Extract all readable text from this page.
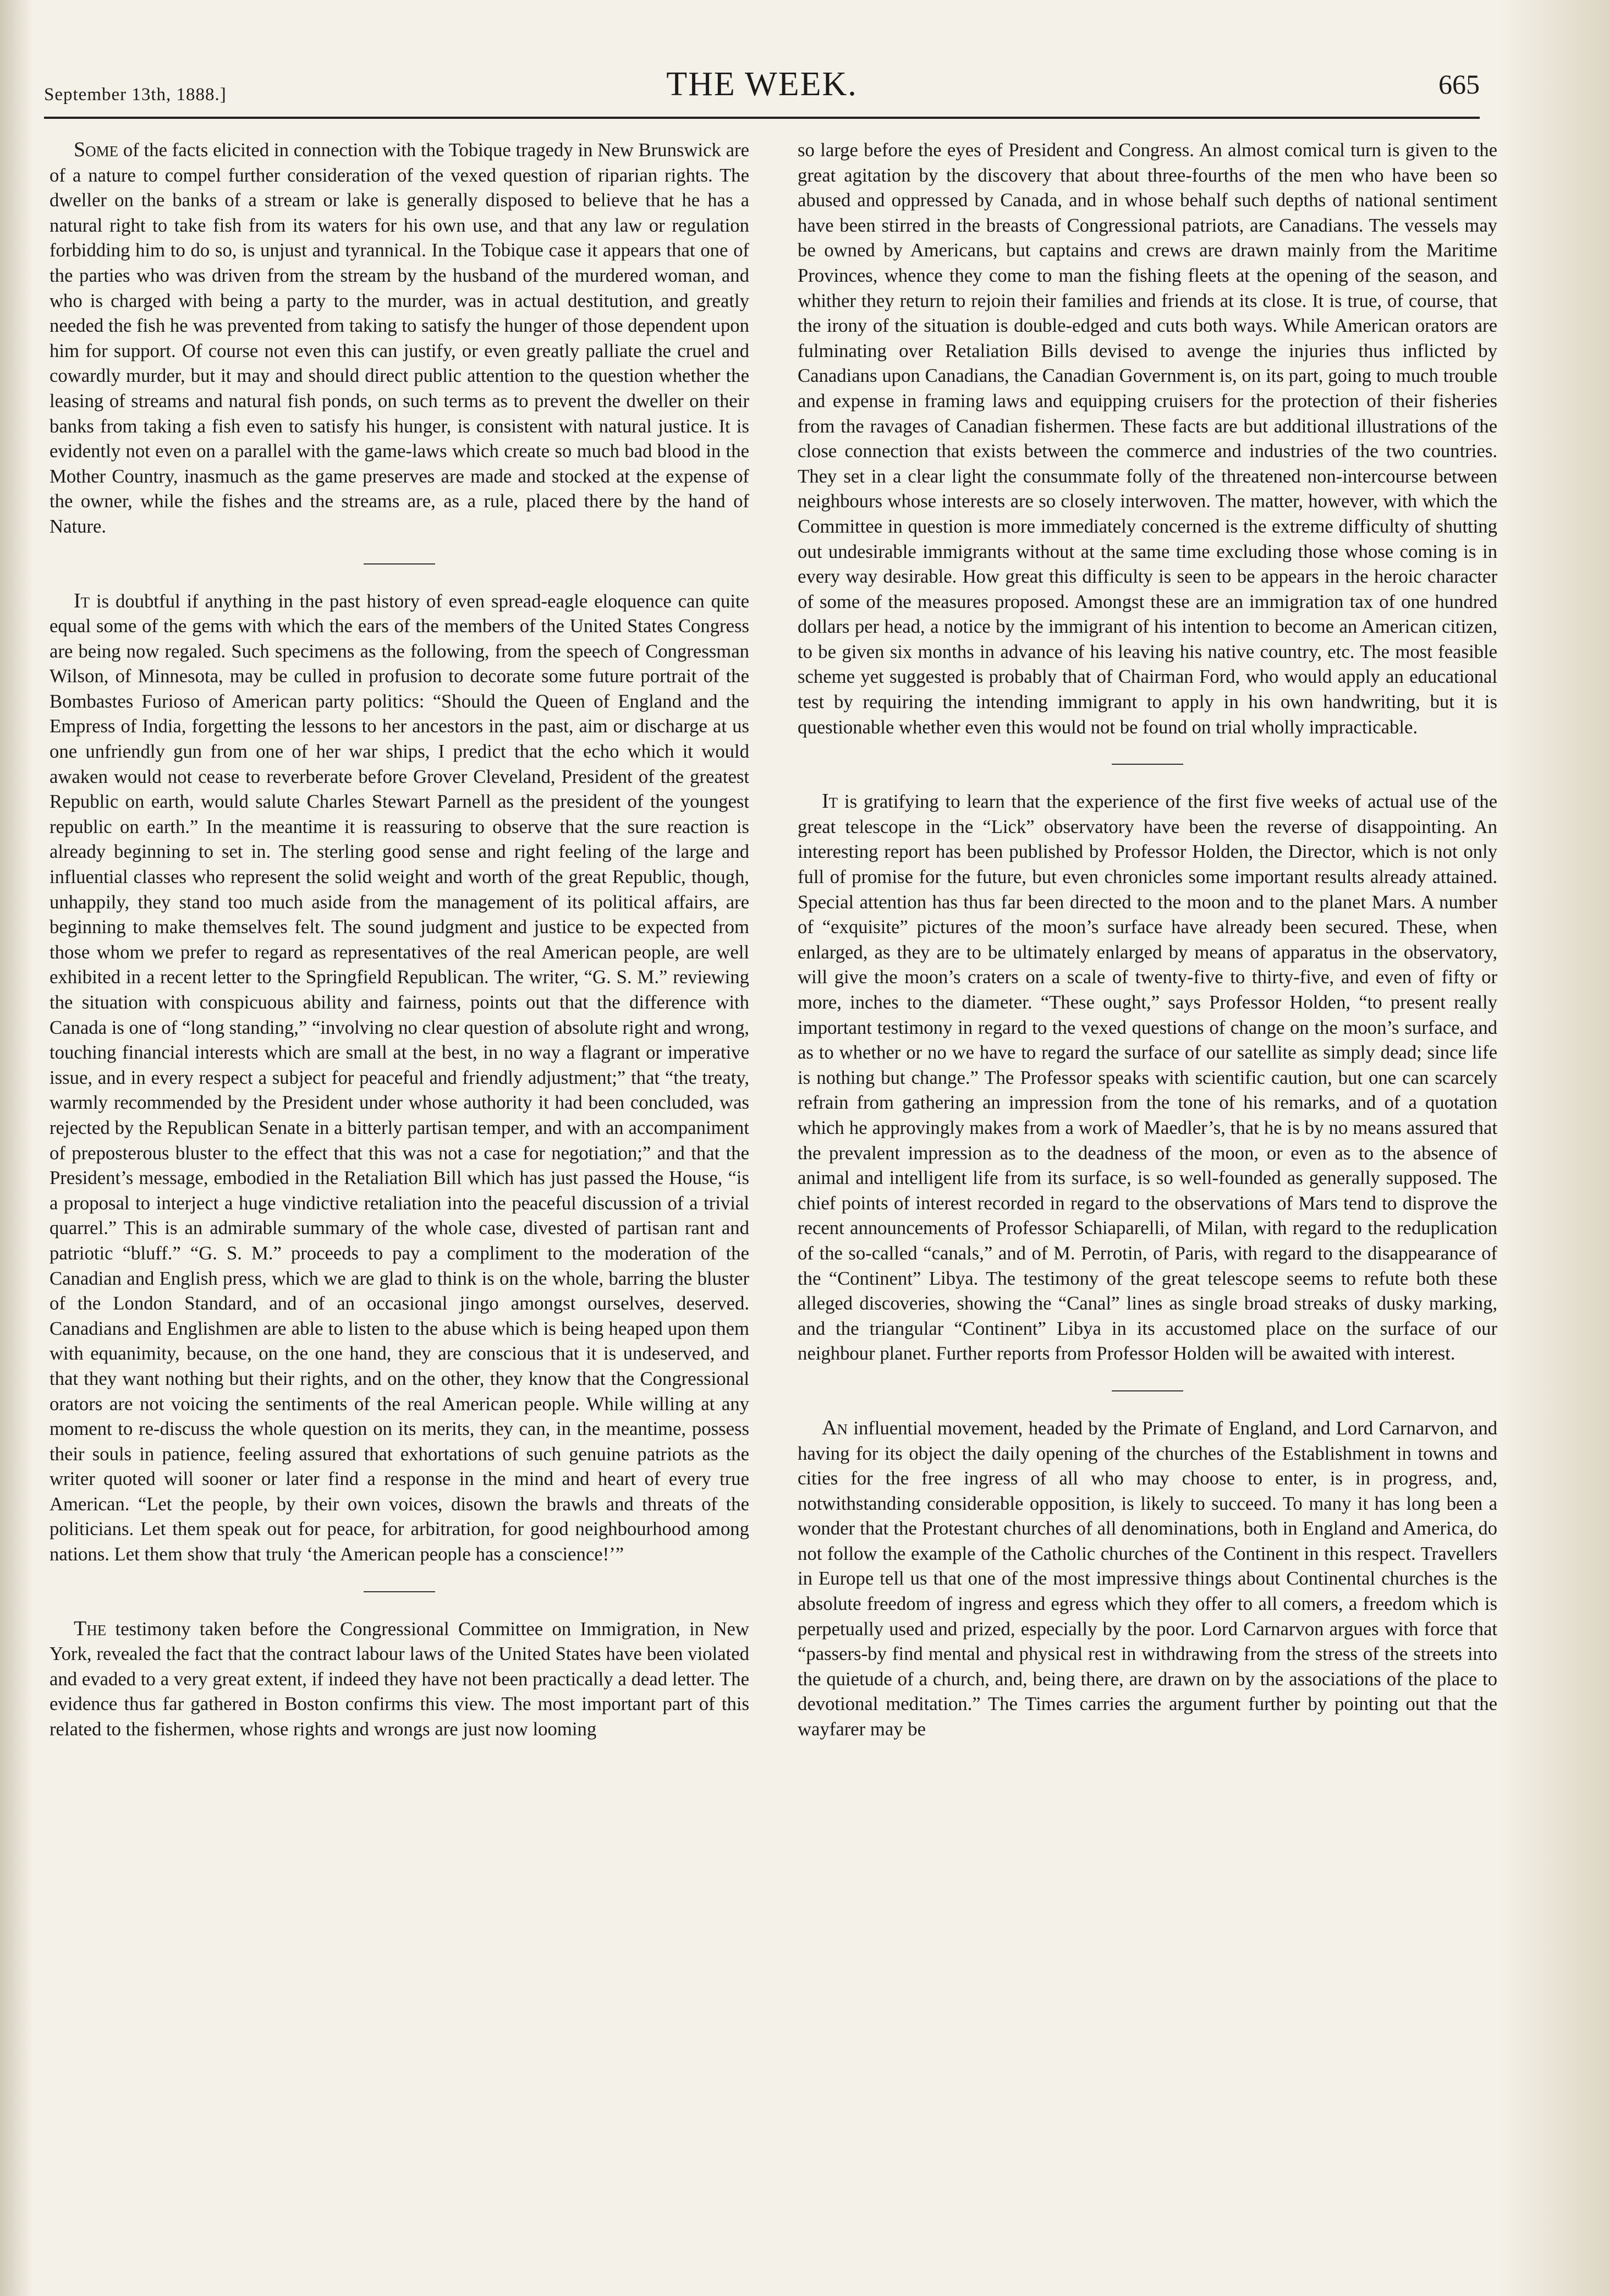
September 13th, 1888.]	THE WEEK.	665

Some of the facts elicited in connection with the Tobique tragedy in New Brunswick are of a nature to compel further consideration of the vexed question of riparian rights. The dweller on the banks of a stream or lake is generally disposed to believe that he has a natural right to take fish from its waters for his own use, and that any law or regulation forbidding him to do so, is unjust and tyrannical. In the Tobique case it appears that one of the parties who was driven from the stream by the husband of the murdered woman, and who is charged with being a party to the murder, was in actual destitution, and greatly needed the fish he was prevented from taking to satisfy the hunger of those dependent upon him for support. Of course not even this can justify, or even greatly palliate the cruel and cowardly murder, but it may and should direct public attention to the question whether the leasing of streams and natural fish ponds, on such terms as to prevent the dweller on their banks from taking a fish even to satisfy his hunger, is consistent with natural justice. It is evidently not even on a parallel with the game-laws which create so much bad blood in the Mother Country, inasmuch as the game preserves are made and stocked at the expense of the owner, while the fishes and the streams are, as a rule, placed there by the hand of Nature.

It is doubtful if anything in the past history of even spread-eagle eloquence can quite equal some of the gems with which the ears of the members of the United States Congress are being now regaled. Such specimens as the following, from the speech of Congressman Wilson, of Minnesota, may be culled in profusion to decorate some future portrait of the Bombastes Furioso of American party politics: “Should the Queen of England and the Empress of India, forgetting the lessons to her ancestors in the past, aim or discharge at us one unfriendly gun from one of her war ships, I predict that the echo which it would awaken would not cease to reverberate before Grover Cleveland, President of the greatest Republic on earth, would salute Charles Stewart Parnell as the president of the youngest republic on earth.” In the meantime it is reassuring to observe that the sure reaction is already beginning to set in. The sterling good sense and right feeling of the large and influential classes who represent the solid weight and worth of the great Republic, though, unhappily, they stand too much aside from the management of its political affairs, are beginning to make themselves felt. The sound judgment and justice to be expected from those whom we prefer to regard as representatives of the real American people, are well exhibited in a recent letter to the Springfield Republican. The writer, “G. S. M.” reviewing the situation with conspicuous ability and fairness, points out that the difference with Canada is one of “long standing,” “involving no clear question of absolute right and wrong, touching financial interests which are small at the best, in no way a flagrant or imperative issue, and in every respect a subject for peaceful and friendly adjustment;” that “the treaty, warmly recommended by the President under whose authority it had been concluded, was rejected by the Republican Senate in a bitterly partisan temper, and with an accompaniment of preposterous bluster to the effect that this was not a case for negotiation;” and that the President’s message, embodied in the Retaliation Bill which has just passed the House, “is a proposal to interject a huge vindictive retaliation into the peaceful discussion of a trivial quarrel.” This is an admirable summary of the whole case, divested of partisan rant and patriotic “bluff.” “G. S. M.” proceeds to pay a compliment to the moderation of the Canadian and English press, which we are glad to think is on the whole, barring the bluster of the London Standard, and of an occasional jingo amongst ourselves, deserved. Canadians and Englishmen are able to listen to the abuse which is being heaped upon them with equanimity, because, on the one hand, they are conscious that it is undeserved, and that they want nothing but their rights, and on the other, they know that the Congressional orators are not voicing the sentiments of the real American people. While willing at any moment to re-discuss the whole question on its merits, they can, in the meantime, possess their souls in patience, feeling assured that exhortations of such genuine patriots as the writer quoted will sooner or later find a response in the mind and heart of every true American. “Let the people, by their own voices, disown the brawls and threats of the politicians. Let them speak out for peace, for arbitration, for good neighbourhood among nations. Let them show that truly ‘the American people has a conscience!’”

The testimony taken before the Congressional Committee on Immigration, in New York, revealed the fact that the contract labour laws of the United States have been violated and evaded to a very great extent, if indeed they have not been practically a dead letter. The evidence thus far gathered in Boston confirms this view. The most important part of this related to the fishermen, whose rights and wrongs are just now looming

so large before the eyes of President and Congress. An almost comical turn is given to the great agitation by the discovery that about three-fourths of the men who have been so abused and oppressed by Canada, and in whose behalf such depths of national sentiment have been stirred in the breasts of Congressional patriots, are Canadians. The vessels may be owned by Americans, but captains and crews are drawn mainly from the Maritime Provinces, whence they come to man the fishing fleets at the opening of the season, and whither they return to rejoin their families and friends at its close. It is true, of course, that the irony of the situation is double-edged and cuts both ways. While American orators are fulminating over Retaliation Bills devised to avenge the injuries thus inflicted by Canadians upon Canadians, the Canadian Government is, on its part, going to much trouble and expense in framing laws and equipping cruisers for the protection of their fisheries from the ravages of Canadian fishermen. These facts are but additional illustrations of the close connection that exists between the commerce and industries of the two countries. They set in a clear light the consummate folly of the threatened non-intercourse between neighbours whose interests are so closely interwoven. The matter, however, with which the Committee in question is more immediately concerned is the extreme difficulty of shutting out undesirable immigrants without at the same time excluding those whose coming is in every way desirable. How great this difficulty is seen to be appears in the heroic character of some of the measures proposed. Amongst these are an immigration tax of one hundred dollars per head, a notice by the immigrant of his intention to become an American citizen, to be given six months in advance of his leaving his native country, etc. The most feasible scheme yet suggested is probably that of Chairman Ford, who would apply an educational test by requiring the intending immigrant to apply in his own handwriting, but it is questionable whether even this would not be found on trial wholly impracticable.

It is gratifying to learn that the experience of the first five weeks of actual use of the great telescope in the “Lick” observatory have been the reverse of disappointing. An interesting report has been published by Professor Holden, the Director, which is not only full of promise for the future, but even chronicles some important results already attained. Special attention has thus far been directed to the moon and to the planet Mars. A number of “exquisite” pictures of the moon’s surface have already been secured. These, when enlarged, as they are to be ultimately enlarged by means of apparatus in the observatory, will give the moon’s craters on a scale of twenty-five to thirty-five, and even of fifty or more, inches to the diameter. “These ought,” says Professor Holden, “to present really important testimony in regard to the vexed questions of change on the moon’s surface, and as to whether or no we have to regard the surface of our satellite as simply dead; since life is nothing but change.” The Professor speaks with scientific caution, but one can scarcely refrain from gathering an impression from the tone of his remarks, and of a quotation which he approvingly makes from a work of Maedler’s, that he is by no means assured that the prevalent impression as to the deadness of the moon, or even as to the absence of animal and intelligent life from its surface, is so well-founded as generally supposed. The chief points of interest recorded in regard to the observations of Mars tend to disprove the recent announcements of Professor Schiaparelli, of Milan, with regard to the reduplication of the so-called “canals,” and of M. Perrotin, of Paris, with regard to the disappearance of the “Continent” Libya. The testimony of the great telescope seems to refute both these alleged discoveries, showing the “Canal” lines as single broad streaks of dusky marking, and the triangular “Continent” Libya in its accustomed place on the surface of our neighbour planet. Further reports from Professor Holden will be awaited with interest.

An influential movement, headed by the Primate of England, and Lord Carnarvon, and having for its object the daily opening of the churches of the Establishment in towns and cities for the free ingress of all who may choose to enter, is in progress, and, notwithstanding considerable opposition, is likely to succeed. To many it has long been a wonder that the Protestant churches of all denominations, both in England and America, do not follow the example of the Catholic churches of the Continent in this respect. Travellers in Europe tell us that one of the most impressive things about Continental churches is the absolute freedom of ingress and egress which they offer to all comers, a freedom which is perpetually used and prized, especially by the poor. Lord Carnarvon argues with force that “passers-by find mental and physical rest in withdrawing from the stress of the streets into the quietude of a church, and, being there, are drawn on by the associations of the place to devotional meditation.” The Times carries the argument further by pointing out that the wayfarer may be
